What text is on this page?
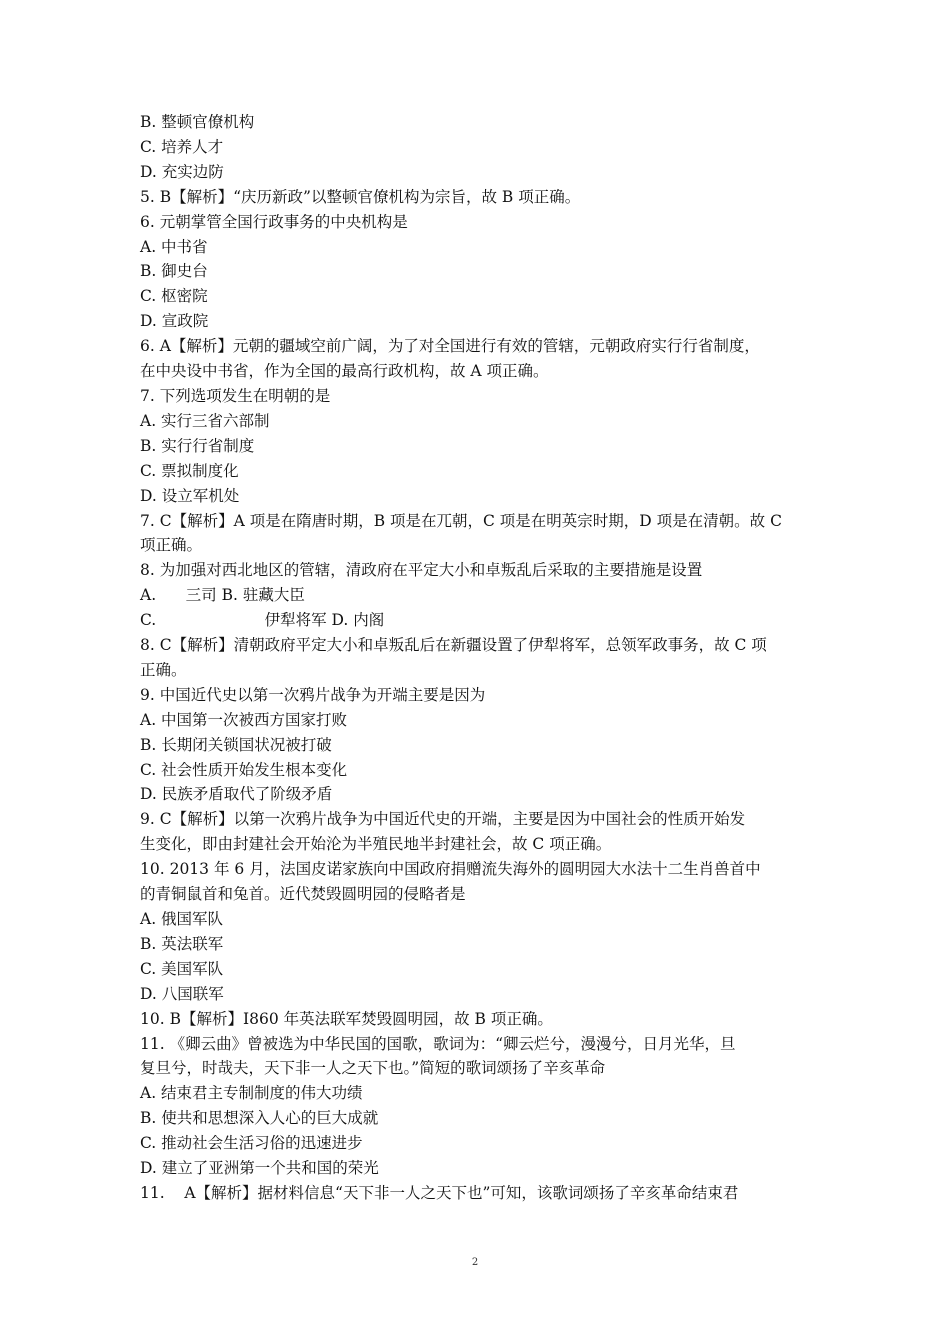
B. 整顿官僚机构
C. 培养人才
D. 充实边防
5. B【解析】“庆历新政”以整顿官僚机构为宗旨，故 B 项正确。
6. 元朝掌管全国行政事务的中央机构是
A. 中书省
B. 御史台
C. 枢密院
D. 宣政院
6. A【解析】元朝的疆域空前广阔，为了对全国进行有效的管辖，元朝政府实行行省制度，
在中央设中书省，作为全国的最高行政机构，故 A 项正确。
7. 下列选项发生在明朝的是
A. 实行三省六部制
B. 实行行省制度
C. 票拟制度化
D. 设立军机处
7. C【解析】A 项是在隋唐时期，B 项是在兀朝，C 项是在明英宗时期，D 项是在清朝。故 C
项正确。
8. 为加强对西北地区的管辖，清政府在平定大小和卓叛乱后采取的主要措施是设置
A.      三司 B. 驻藏大臣
C.                      伊犁将军 D. 内阁
8. C【解析】清朝政府平定大小和卓叛乱后在新疆设置了伊犁将军，总领军政事务，故 C 项
正确。
9. 中国近代史以第一次鸦片战争为开端主要是因为
A. 中国第一次被西方国家打败
B. 长期闭关锁国状况被打破
C. 社会性质开始发生根本变化
D. 民族矛盾取代了阶级矛盾
9. C【解析】以第一次鸦片战争为中国近代史的开端，主要是因为中国社会的性质开始发
生变化，即由封建社会开始沦为半殖民地半封建社会，故 C 项正确。
10. 2013 年 6 月，法国皮诺家族向中国政府捐赠流失海外的圆明园大水法十二生肖兽首中
的青铜鼠首和兔首。近代焚毁圆明园的侵略者是
A. 俄国军队
B. 英法联军
C. 美国军队
D. 八国联军
10. B【解析】I860 年英法联军焚毁圆明园，故 B 项正确。
11. 《卿云曲》曾被选为中华民国的国歌，歌词为：“卿云烂兮，漫漫兮，日月光华，旦
复旦兮，时哉夫，天下非一人之天下也。”简短的歌词颂扬了辛亥革命
A. 结束君主专制制度的伟大功绩
B. 使共和思想深入人心的巨大成就
C. 推动社会生活习俗的迅速进步
D. 建立了亚洲第一个共和国的荣光
11.    A【解析】据材料信息“天下非一人之天下也”可知，该歌词颂扬了辛亥革命结束君
2
